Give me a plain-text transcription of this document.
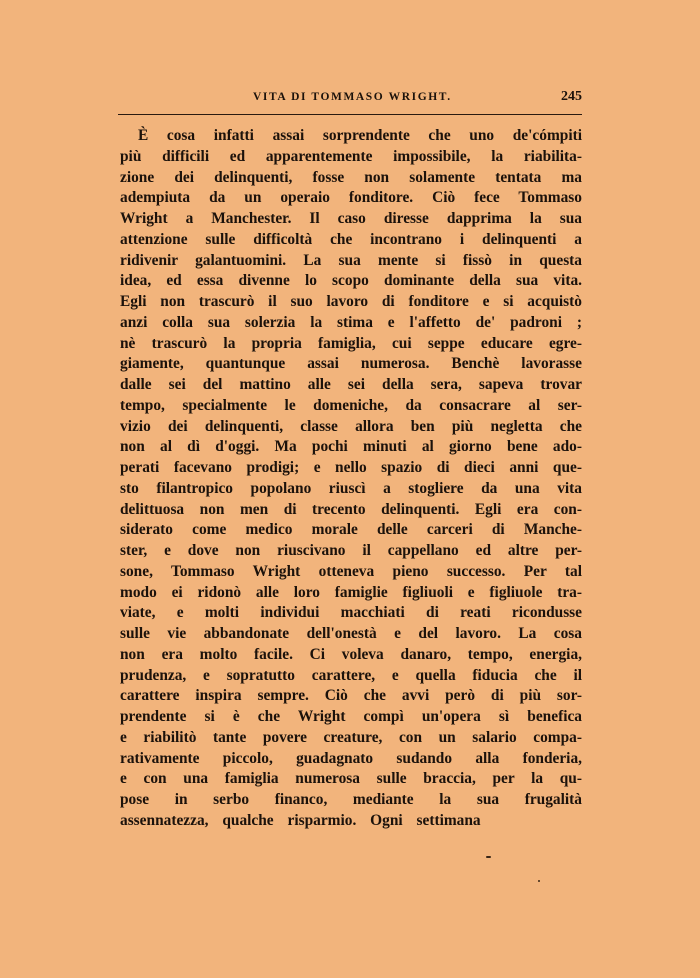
VITA DI TOMMASO WRIGHT.	245
È cosa infatti assai sorprendente che uno de'cómpiti
più difficili ed apparentemente impossibile, la riabilita-
zione dei delinquenti, fosse non solamente tentata ma
adempiuta da un operaio fonditore. Ciò fece Tommaso
Wright a Manchester. Il caso diresse dapprima la sua
attenzione sulle difficoltà che incontrano i delinquenti a
ridivenir galantuomini. La sua mente si fissò in questa
idea, ed essa divenne lo scopo dominante della sua vita.
Egli non trascurò il suo lavoro di fonditore e si acquistò
anzi colla sua solerzia la stima e l'affetto de' padroni ;
nè trascurò la propria famiglia, cui seppe educare egre-
giamente, quantunque assai numerosa. Benchè lavorasse
dalle sei del mattino alle sei della sera, sapeva trovar
tempo, specialmente le domeniche, da consacrare al ser-
vizio dei delinquenti, classe allora ben più negletta che
non al dì d'oggi. Ma pochi minuti al giorno bene ado-
perati facevano prodigi; e nello spazio di dieci anni que-
sto filantropico popolano riuscì a stogliere da una vita
delittuosa non men di trecento delinquenti. Egli era con-
siderato come medico morale delle carceri di Manche-
ster, e dove non riuscivano il cappellano ed altre per-
sone, Tommaso Wright otteneva pieno successo. Per tal
modo ei ridonò alle loro famiglie figliuoli e figliuole tra-
viate, e molti individui macchiati di reati ricondusse
sulle vie abbandonate dell'onestà e del lavoro. La cosa
non era molto facile. Ci voleva danaro, tempo, energia,
prudenza, e sopratutto carattere, e quella fiducia che il
carattere inspira sempre. Ciò che avvi però di più sor-
prendente si è che Wright compì un'opera sì benefica
e riabilitò tante povere creature, con un salario compa-
rativamente piccolo, guadagnato sudando alla fonderia,
e con una famiglia numerosa sulle braccia, per la qu-
pose in serbo financo, mediante la sua frugalità
assennatezza, qualche risparmio. Ogni settimana
